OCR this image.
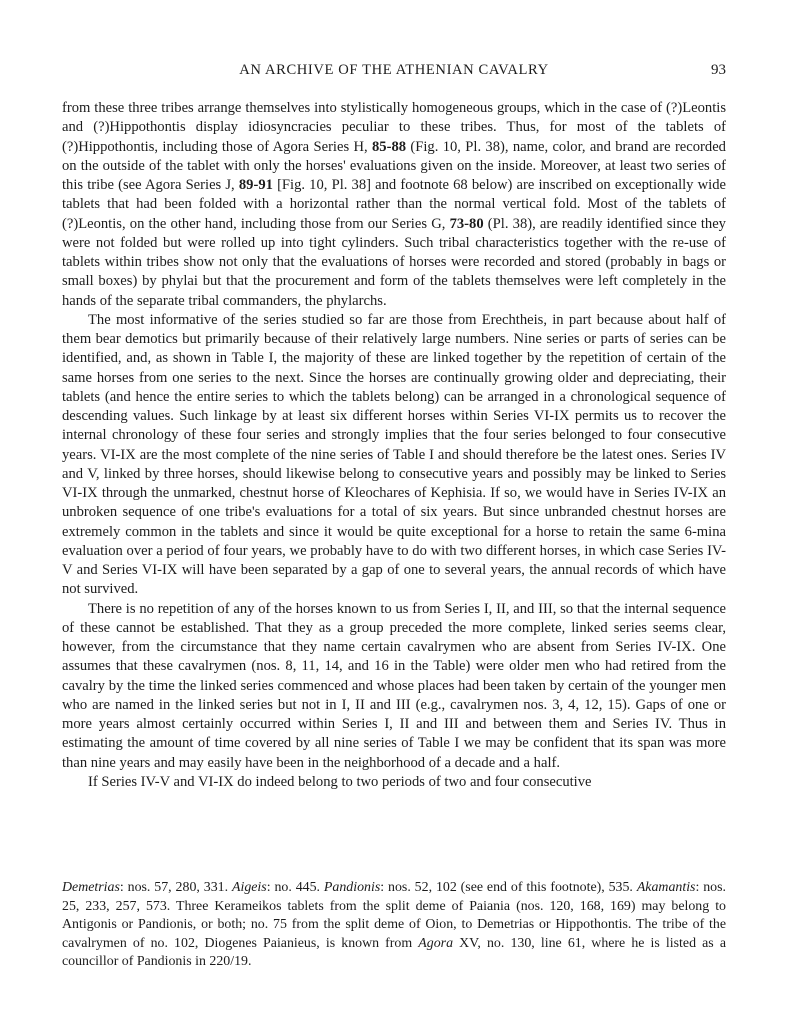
AN ARCHIVE OF THE ATHENIAN CAVALRY	93

from these three tribes arrange themselves into stylistically homogeneous groups, which in the case of (?)Leontis and (?)Hippothontis display idiosyncracies peculiar to these tribes. Thus, for most of the tablets of (?)Hippothontis, including those of Agora Series H, 85-88 (Fig. 10, Pl. 38), name, color, and brand are recorded on the outside of the tablet with only the horses' evaluations given on the inside. Moreover, at least two series of this tribe (see Agora Series J, 89-91 [Fig. 10, Pl. 38] and footnote 68 below) are inscribed on exceptionally wide tablets that had been folded with a horizontal rather than the normal vertical fold. Most of the tablets of (?)Leontis, on the other hand, including those from our Series G, 73-80 (Pl. 38), are readily identified since they were not folded but were rolled up into tight cylinders. Such tribal characteristics together with the re-use of tablets within tribes show not only that the evaluations of horses were recorded and stored (probably in bags or small boxes) by phylai but that the procurement and form of the tablets themselves were left completely in the hands of the separate tribal commanders, the phylarchs.

The most informative of the series studied so far are those from Erechtheis, in part because about half of them bear demotics but primarily because of their relatively large numbers. Nine series or parts of series can be identified, and, as shown in Table I, the majority of these are linked together by the repetition of certain of the same horses from one series to the next. Since the horses are continually growing older and depreciating, their tablets (and hence the entire series to which the tablets belong) can be arranged in a chronological sequence of descending values. Such linkage by at least six different horses within Series VI-IX permits us to recover the internal chronology of these four series and strongly implies that the four series belonged to four consecutive years. VI-IX are the most complete of the nine series of Table I and should therefore be the latest ones. Series IV and V, linked by three horses, should likewise belong to consecutive years and possibly may be linked to Series VI-IX through the unmarked, chestnut horse of Kleochares of Kephisia. If so, we would have in Series IV-IX an unbroken sequence of one tribe's evaluations for a total of six years. But since unbranded chestnut horses are extremely common in the tablets and since it would be quite exceptional for a horse to retain the same 6-mina evaluation over a period of four years, we probably have to do with two different horses, in which case Series IV-V and Series VI-IX will have been separated by a gap of one to several years, the annual records of which have not survived.

There is no repetition of any of the horses known to us from Series I, II, and III, so that the internal sequence of these cannot be established. That they as a group preceded the more complete, linked series seems clear, however, from the circumstance that they name certain cavalrymen who are absent from Series IV-IX. One assumes that these cavalrymen (nos. 8, 11, 14, and 16 in the Table) were older men who had retired from the cavalry by the time the linked series commenced and whose places had been taken by certain of the younger men who are named in the linked series but not in I, II and III (e.g., cavalrymen nos. 3, 4, 12, 15). Gaps of one or more years almost certainly occurred within Series I, II and III and between them and Series IV. Thus in estimating the amount of time covered by all nine series of Table I we may be confident that its span was more than nine years and may easily have been in the neighborhood of a decade and a half.

If Series IV-V and VI-IX do indeed belong to two periods of two and four consecutive

Demetrias: nos. 57, 280, 331. Aigeis: no. 445. Pandionis: nos. 52, 102 (see end of this footnote), 535. Akamantis: nos. 25, 233, 257, 573. Three Kerameikos tablets from the split deme of Paiania (nos. 120, 168, 169) may belong to Antigonis or Pandionis, or both; no. 75 from the split deme of Oion, to Demetrias or Hippothontis. The tribe of the cavalrymen of no. 102, Diogenes Paianieus, is known from Agora XV, no. 130, line 61, where he is listed as a councillor of Pandionis in 220/19.
